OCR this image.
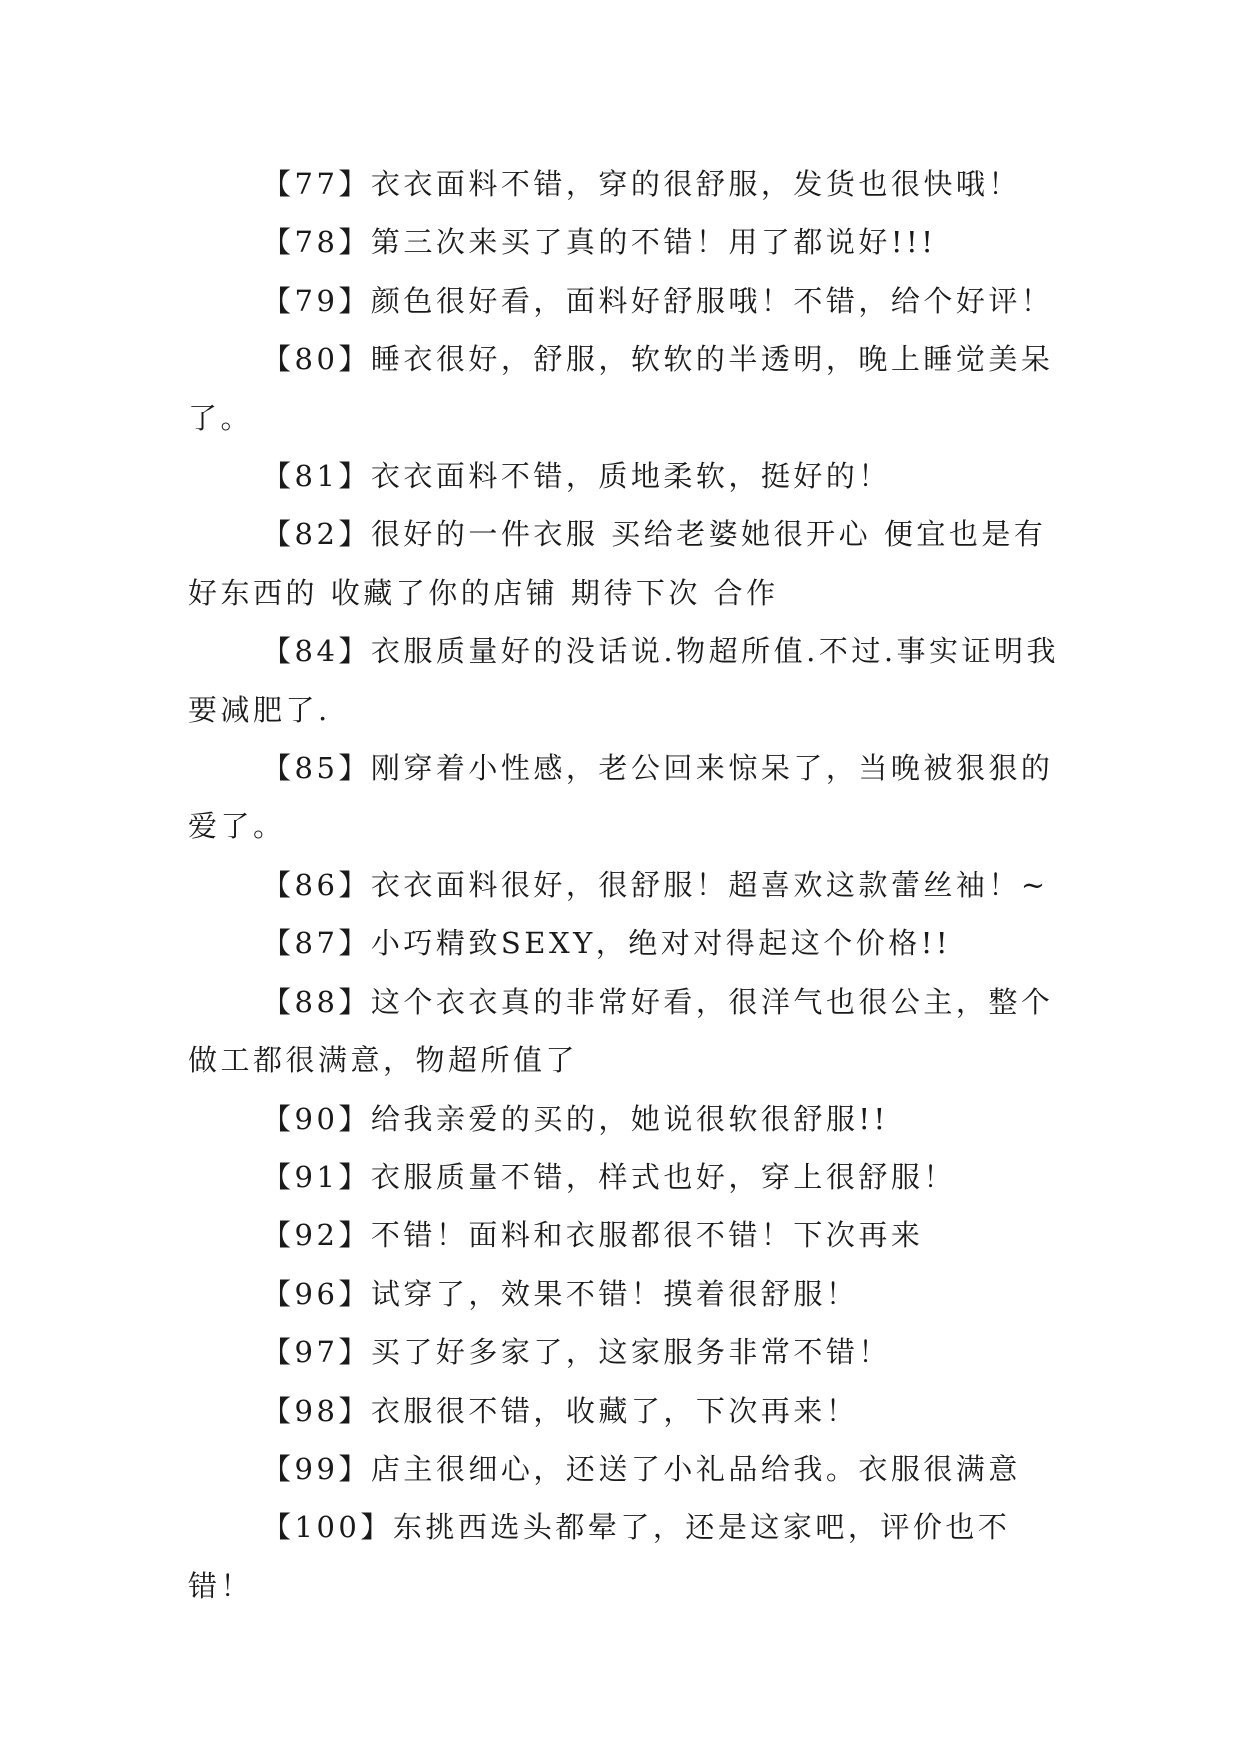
【77】衣衣面料不错，穿的很舒服，发货也很快哦！

【78】第三次来买了真的不错！用了都说好!!!

【79】颜色很好看，面料好舒服哦！不错，给个好评！

【80】睡衣很好，舒服，软软的半透明，晚上睡觉美呆了。

【81】衣衣面料不错，质地柔软，挺好的！

【82】很好的一件衣服 买给老婆她很开心 便宜也是有好东西的 收藏了你的店铺 期待下次 合作

【84】衣服质量好的没话说.物超所值.不过.事实证明我要减肥了.

【85】刚穿着小性感，老公回来惊呆了，当晚被狠狠的爱了。

【86】衣衣面料很好，很舒服！超喜欢这款蕾丝袖！~

【87】小巧精致SEXY，绝对对得起这个价格!!

【88】这个衣衣真的非常好看，很洋气也很公主，整个做工都很满意，物超所值了

【90】给我亲爱的买的，她说很软很舒服!!

【91】衣服质量不错，样式也好，穿上很舒服！

【92】不错！面料和衣服都很不错！下次再来

【96】试穿了，效果不错！摸着很舒服！

【97】买了好多家了，这家服务非常不错！

【98】衣服很不错，收藏了，下次再来！

【99】店主很细心，还送了小礼品给我。衣服很满意

【100】东挑西选头都晕了，还是这家吧，评价也不错！
